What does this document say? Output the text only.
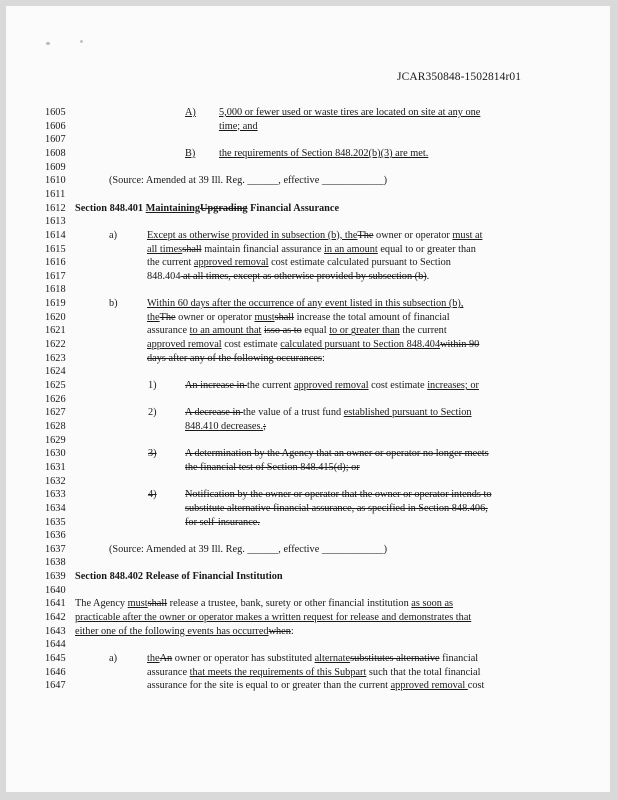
JCAR350848-1502814r01
1605
1606
1607
1608
1609
1610
1611
1612
1613
1614
1615
1616
1617
1618
1619
1620
1621
1622
1623
1624
1625
1626
1627
1628
1629
1630
1631
1632
1633
1634
1635
1636
1637
1638
1639
1640
1641
1642
1643
1644
1645
1646
1647
A) 5,000 or fewer used or waste tires are located on site at any one
time; and
B) the requirements of Section 848.202(b)(3) are met.
(Source: Amended at 39 Ill. Reg. ______, effective ____________)
Section 848.401 MaintainingUpgrading Financial Assurance
a)	Except as otherwise provided in subsection (b), theThe owner or operator must at
all timesshall maintain financial assurance in an amount equal to or greater than
the current approved removal cost estimate calculated pursuant to Section
848.404 at all times, except as otherwise provided by subsection (b).
b)	Within 60 days after the occurrence of any event listed in this subsection (b),
theThe owner or operator mustshall increase the total amount of financial
assurance to an amount that isso as to equal to or greater than the current
approved removal cost estimate calculated pursuant to Section 848.404within 90
days after any of the following occurances:
1)	An increase in the current approved removal cost estimate increases; or
2)	A decrease in the value of a trust fund established pursuant to Section
848.410 decreases.;
3)	A determination by the Agency that an owner or operator no longer meets
the financial test of Section 848.415(d); or
4)	Notification by the owner or operator that the owner or operator intends to
substitute alternative financial assurance, as specified in Section 848.406,
for self-insurance.
(Source: Amended at 39 Ill. Reg. ______, effective ____________)
Section 848.402 Release of Financial Institution
The Agency mustshall release a trustee, bank, surety or other financial institution as soon as
practicable after the owner or operator makes a written request for release and demonstrates that
either one of the following events has occurredwhen:
a)	theAn owner or operator has substituted alternatesubstitutes alternative financial
assurance that meets the requirements of this Subpart such that the total financial
assurance for the site is equal to or greater than the current approved removal cost
